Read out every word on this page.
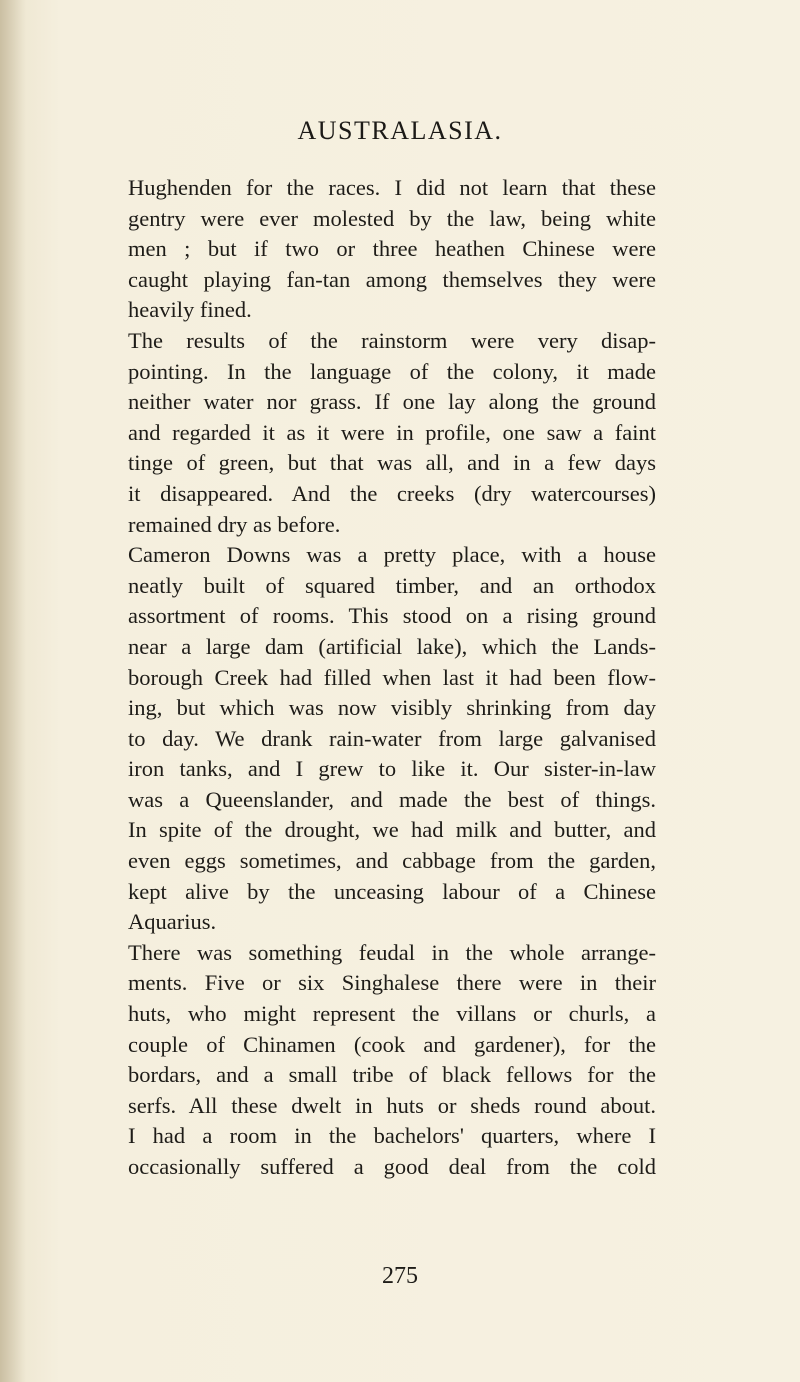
AUSTRALASIA.

Hughenden for the races. I did not learn that these
gentry were ever molested by the law, being white
men ; but if two or three heathen Chinese were
caught playing fan-tan among themselves they were
heavily fined.

The results of the rainstorm were very disap-
pointing. In the language of the colony, it made
neither water nor grass. If one lay along the ground
and regarded it as it were in profile, one saw a faint
tinge of green, but that was all, and in a few days
it disappeared. And the creeks (dry watercourses)
remained dry as before.

Cameron Downs was a pretty place, with a house
neatly built of squared timber, and an orthodox
assortment of rooms. This stood on a rising ground
near a large dam (artificial lake), which the Lands-
borough Creek had filled when last it had been flow-
ing, but which was now visibly shrinking from day
to day. We drank rain-water from large galvanised
iron tanks, and I grew to like it. Our sister-in-law
was a Queenslander, and made the best of things.
In spite of the drought, we had milk and butter, and
even eggs sometimes, and cabbage from the garden,
kept alive by the unceasing labour of a Chinese
Aquarius.

There was something feudal in the whole arrange-
ments. Five or six Singhalese there were in their
huts, who might represent the villans or churls, a
couple of Chinamen (cook and gardener), for the
bordars, and a small tribe of black fellows for the
serfs. All these dwelt in huts or sheds round about.
I had a room in the bachelors' quarters, where I
occasionally suffered a good deal from the cold

275
